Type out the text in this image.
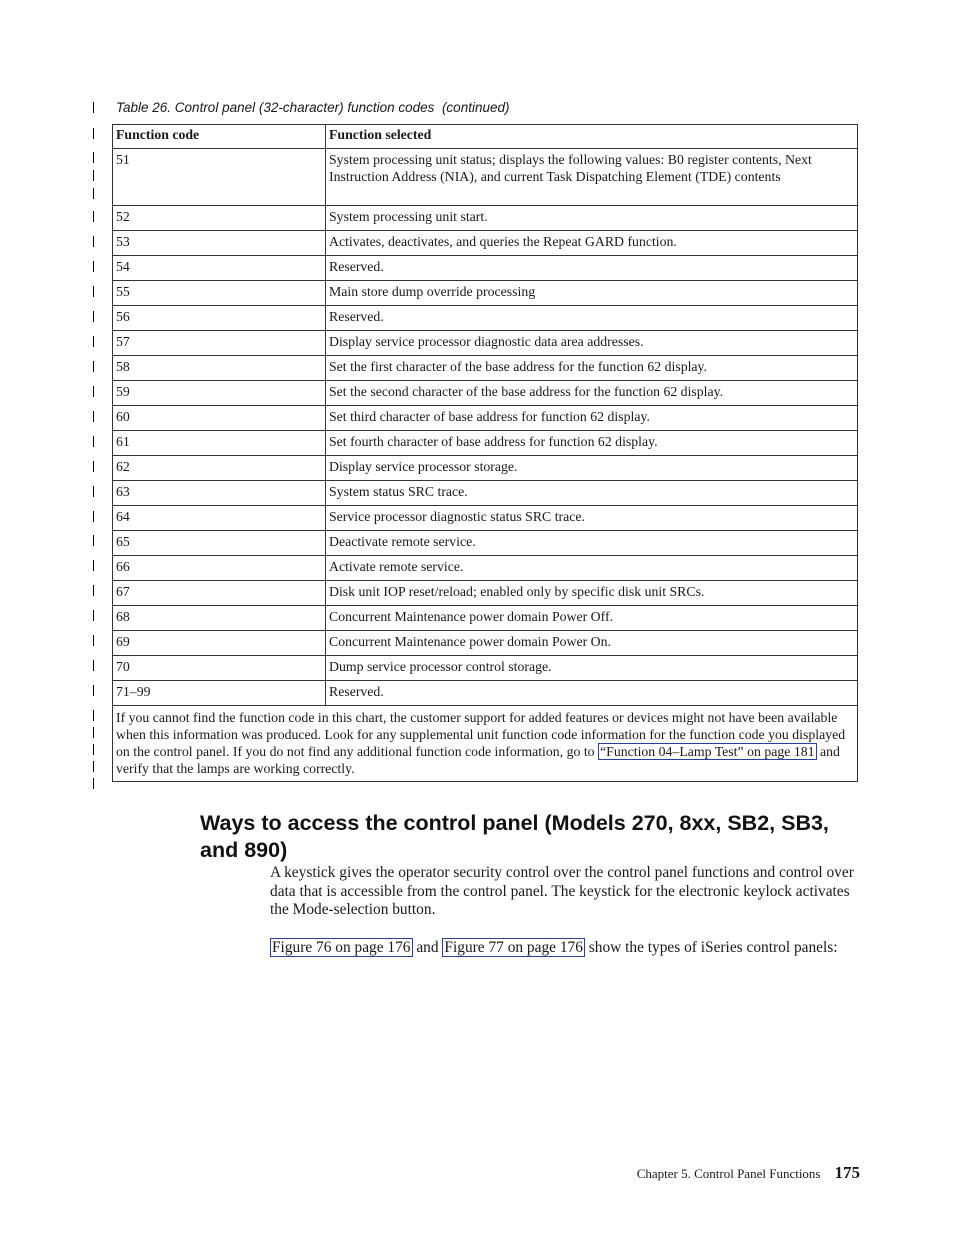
Table 26. Control panel (32-character) function codes  (continued)
Function code	Function selected
51	System processing unit status; displays the following values: B0 register contents, Next Instruction Address (NIA), and current Task Dispatching Element (TDE) contents
52	System processing unit start.
53	Activates, deactivates, and queries the Repeat GARD function.
54	Reserved.
55	Main store dump override processing
56	Reserved.
57	Display service processor diagnostic data area addresses.
58	Set the first character of the base address for the function 62 display.
59	Set the second character of the base address for the function 62 display.
60	Set third character of base address for function 62 display.
61	Set fourth character of base address for function 62 display.
62	Display service processor storage.
63	System status SRC trace.
64	Service processor diagnostic status SRC trace.
65	Deactivate remote service.
66	Activate remote service.
67	Disk unit IOP reset/reload; enabled only by specific disk unit SRCs.
68	Concurrent Maintenance power domain Power Off.
69	Concurrent Maintenance power domain Power On.
70	Dump service processor control storage.
71–99	Reserved.
If you cannot find the function code in this chart, the customer support for added features or devices might not have been available when this information was produced. Look for any supplemental unit function code information for the function code you displayed on the control panel. If you do not find any additional function code information, go to “Function 04–Lamp Test” on page 181 and verify that the lamps are working correctly.	
Ways to access the control panel (Models 270, 8xx, SB2, SB3, and 890)

A keystick gives the operator security control over the control panel functions and control over data that is accessible from the control panel. The keystick for the electronic keylock activates the Mode-selection button.

Figure 76 on page 176 and Figure 77 on page 176 show the types of iSeries control panels:

Chapter 5. Control Panel Functions 175
